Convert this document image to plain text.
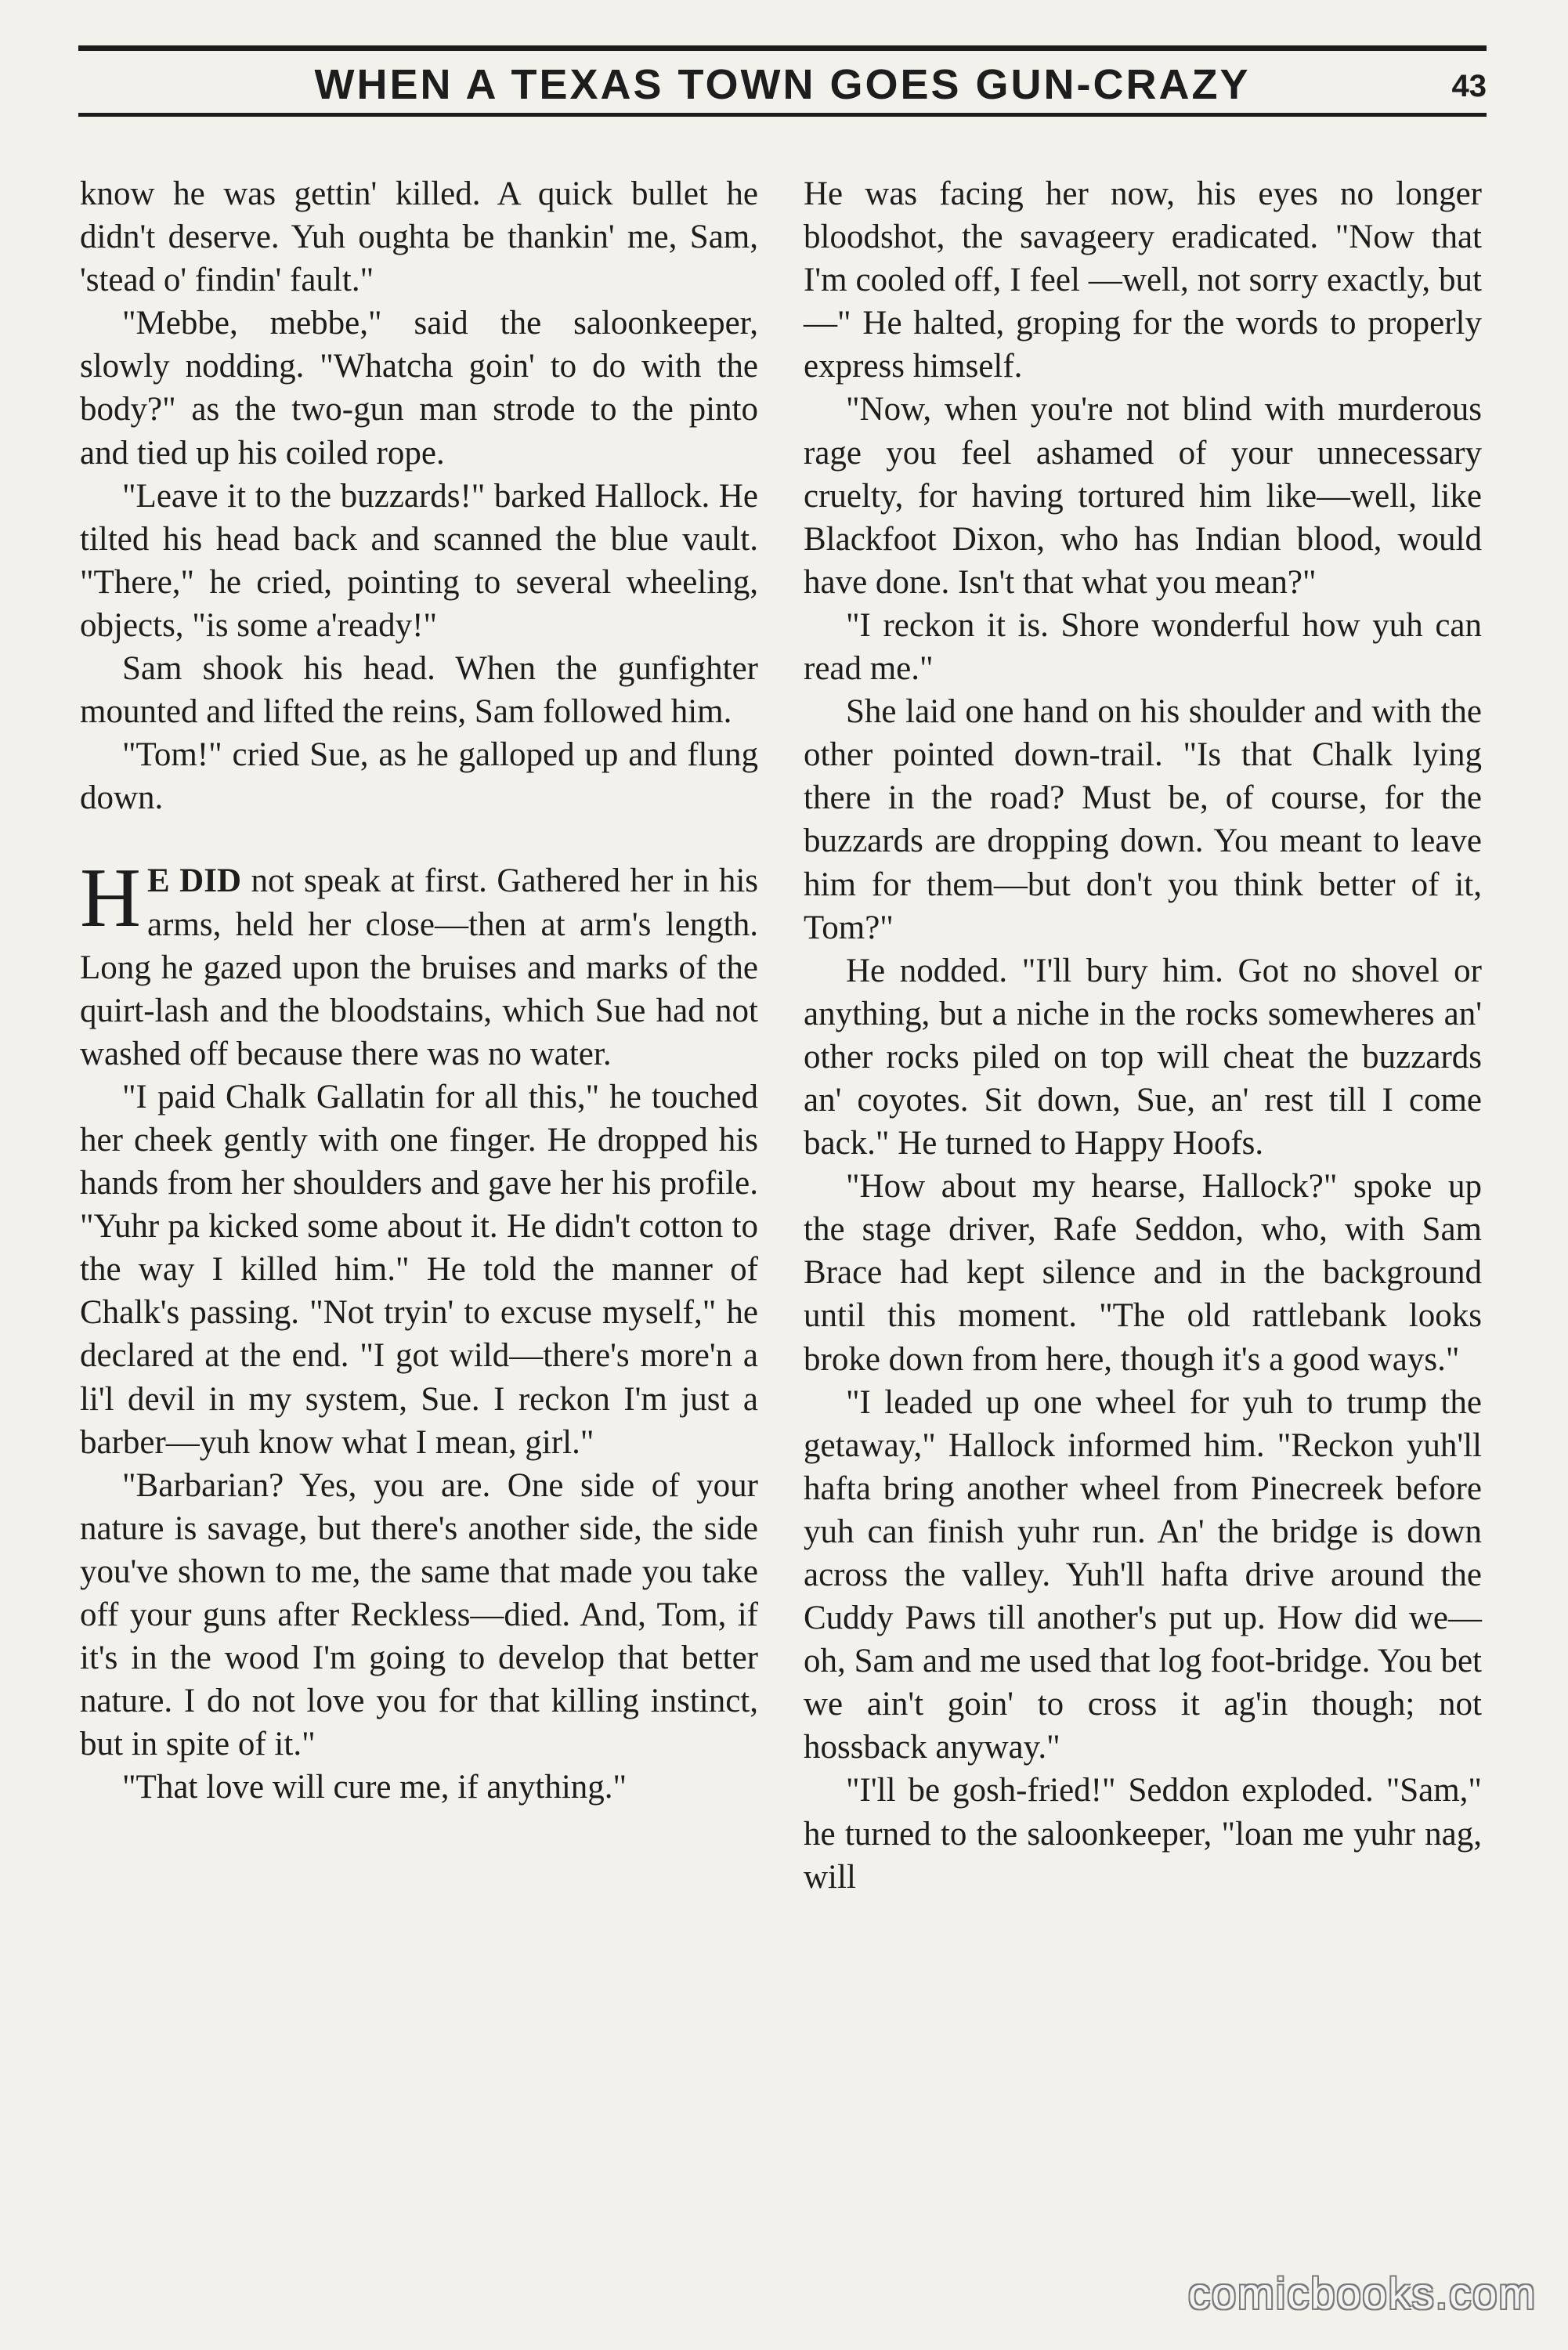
WHEN A TEXAS TOWN GOES GUN-CRAZY	43

know he was gettin' killed. A quick bullet he didn't deserve. Yuh oughta be thankin' me, Sam, 'stead o' findin' fault."

"Mebbe, mebbe," said the saloonkeeper, slowly nodding. "Whatcha goin' to do with the body?" as the two-gun man strode to the pinto and tied up his coiled rope.

"Leave it to the buzzards!" barked Hallock. He tilted his head back and scanned the blue vault. "There," he cried, pointing to several wheeling, objects, "is some a'ready!"

Sam shook his head. When the gunfighter mounted and lifted the reins, Sam followed him.

"Tom!" cried Sue, as he galloped up and flung down.

H E DID not speak at first. Gathered her in his arms, held her close—then at arm's length. Long he gazed upon the bruises and marks of the quirt-lash and the bloodstains, which Sue had not washed off because there was no water.

"I paid Chalk Gallatin for all this," he touched her cheek gently with one finger. He dropped his hands from her shoulders and gave her his profile. "Yuhr pa kicked some about it. He didn't cotton to the way I killed him." He told the manner of Chalk's passing. "Not tryin' to excuse myself," he declared at the end. "I got wild—there's more'n a li'l devil in my system, Sue. I reckon I'm just a barber—yuh know what I mean, girl."

"Barbarian? Yes, you are. One side of your nature is savage, but there's another side, the side you've shown to me, the same that made you take off your guns after Reckless—died. And, Tom, if it's in the wood I'm going to develop that better nature. I do not love you for that killing instinct, but in spite of it."

"That love will cure me, if anything."

He was facing her now, his eyes no longer bloodshot, the savageery eradicated. "Now that I'm cooled off, I feel —well, not sorry exactly, but—" He halted, groping for the words to properly express himself.

"Now, when you're not blind with murderous rage you feel ashamed of your unnecessary cruelty, for having tortured him like—well, like Blackfoot Dixon, who has Indian blood, would have done. Isn't that what you mean?"

"I reckon it is. Shore wonderful how yuh can read me."

She laid one hand on his shoulder and with the other pointed down-trail. "Is that Chalk lying there in the road? Must be, of course, for the buzzards are dropping down. You meant to leave him for them—but don't you think better of it, Tom?"

He nodded. "I'll bury him. Got no shovel or anything, but a niche in the rocks somewheres an' other rocks piled on top will cheat the buzzards an' coyotes. Sit down, Sue, an' rest till I come back." He turned to Happy Hoofs.

"How about my hearse, Hallock?" spoke up the stage driver, Rafe Seddon, who, with Sam Brace had kept silence and in the background until this moment. "The old rattlebank looks broke down from here, though it's a good ways."

"I leaded up one wheel for yuh to trump the getaway," Hallock informed him. "Reckon yuh'll hafta bring another wheel from Pinecreek before yuh can finish yuhr run. An' the bridge is down across the valley. Yuh'll hafta drive around the Cuddy Paws till another's put up. How did we—oh, Sam and me used that log foot-bridge. You bet we ain't goin' to cross it ag'in though; not hossback anyway."

"I'll be gosh-fried!" Seddon exploded. "Sam," he turned to the saloonkeeper, "loan me yuhr nag, will

comicbooks.com
